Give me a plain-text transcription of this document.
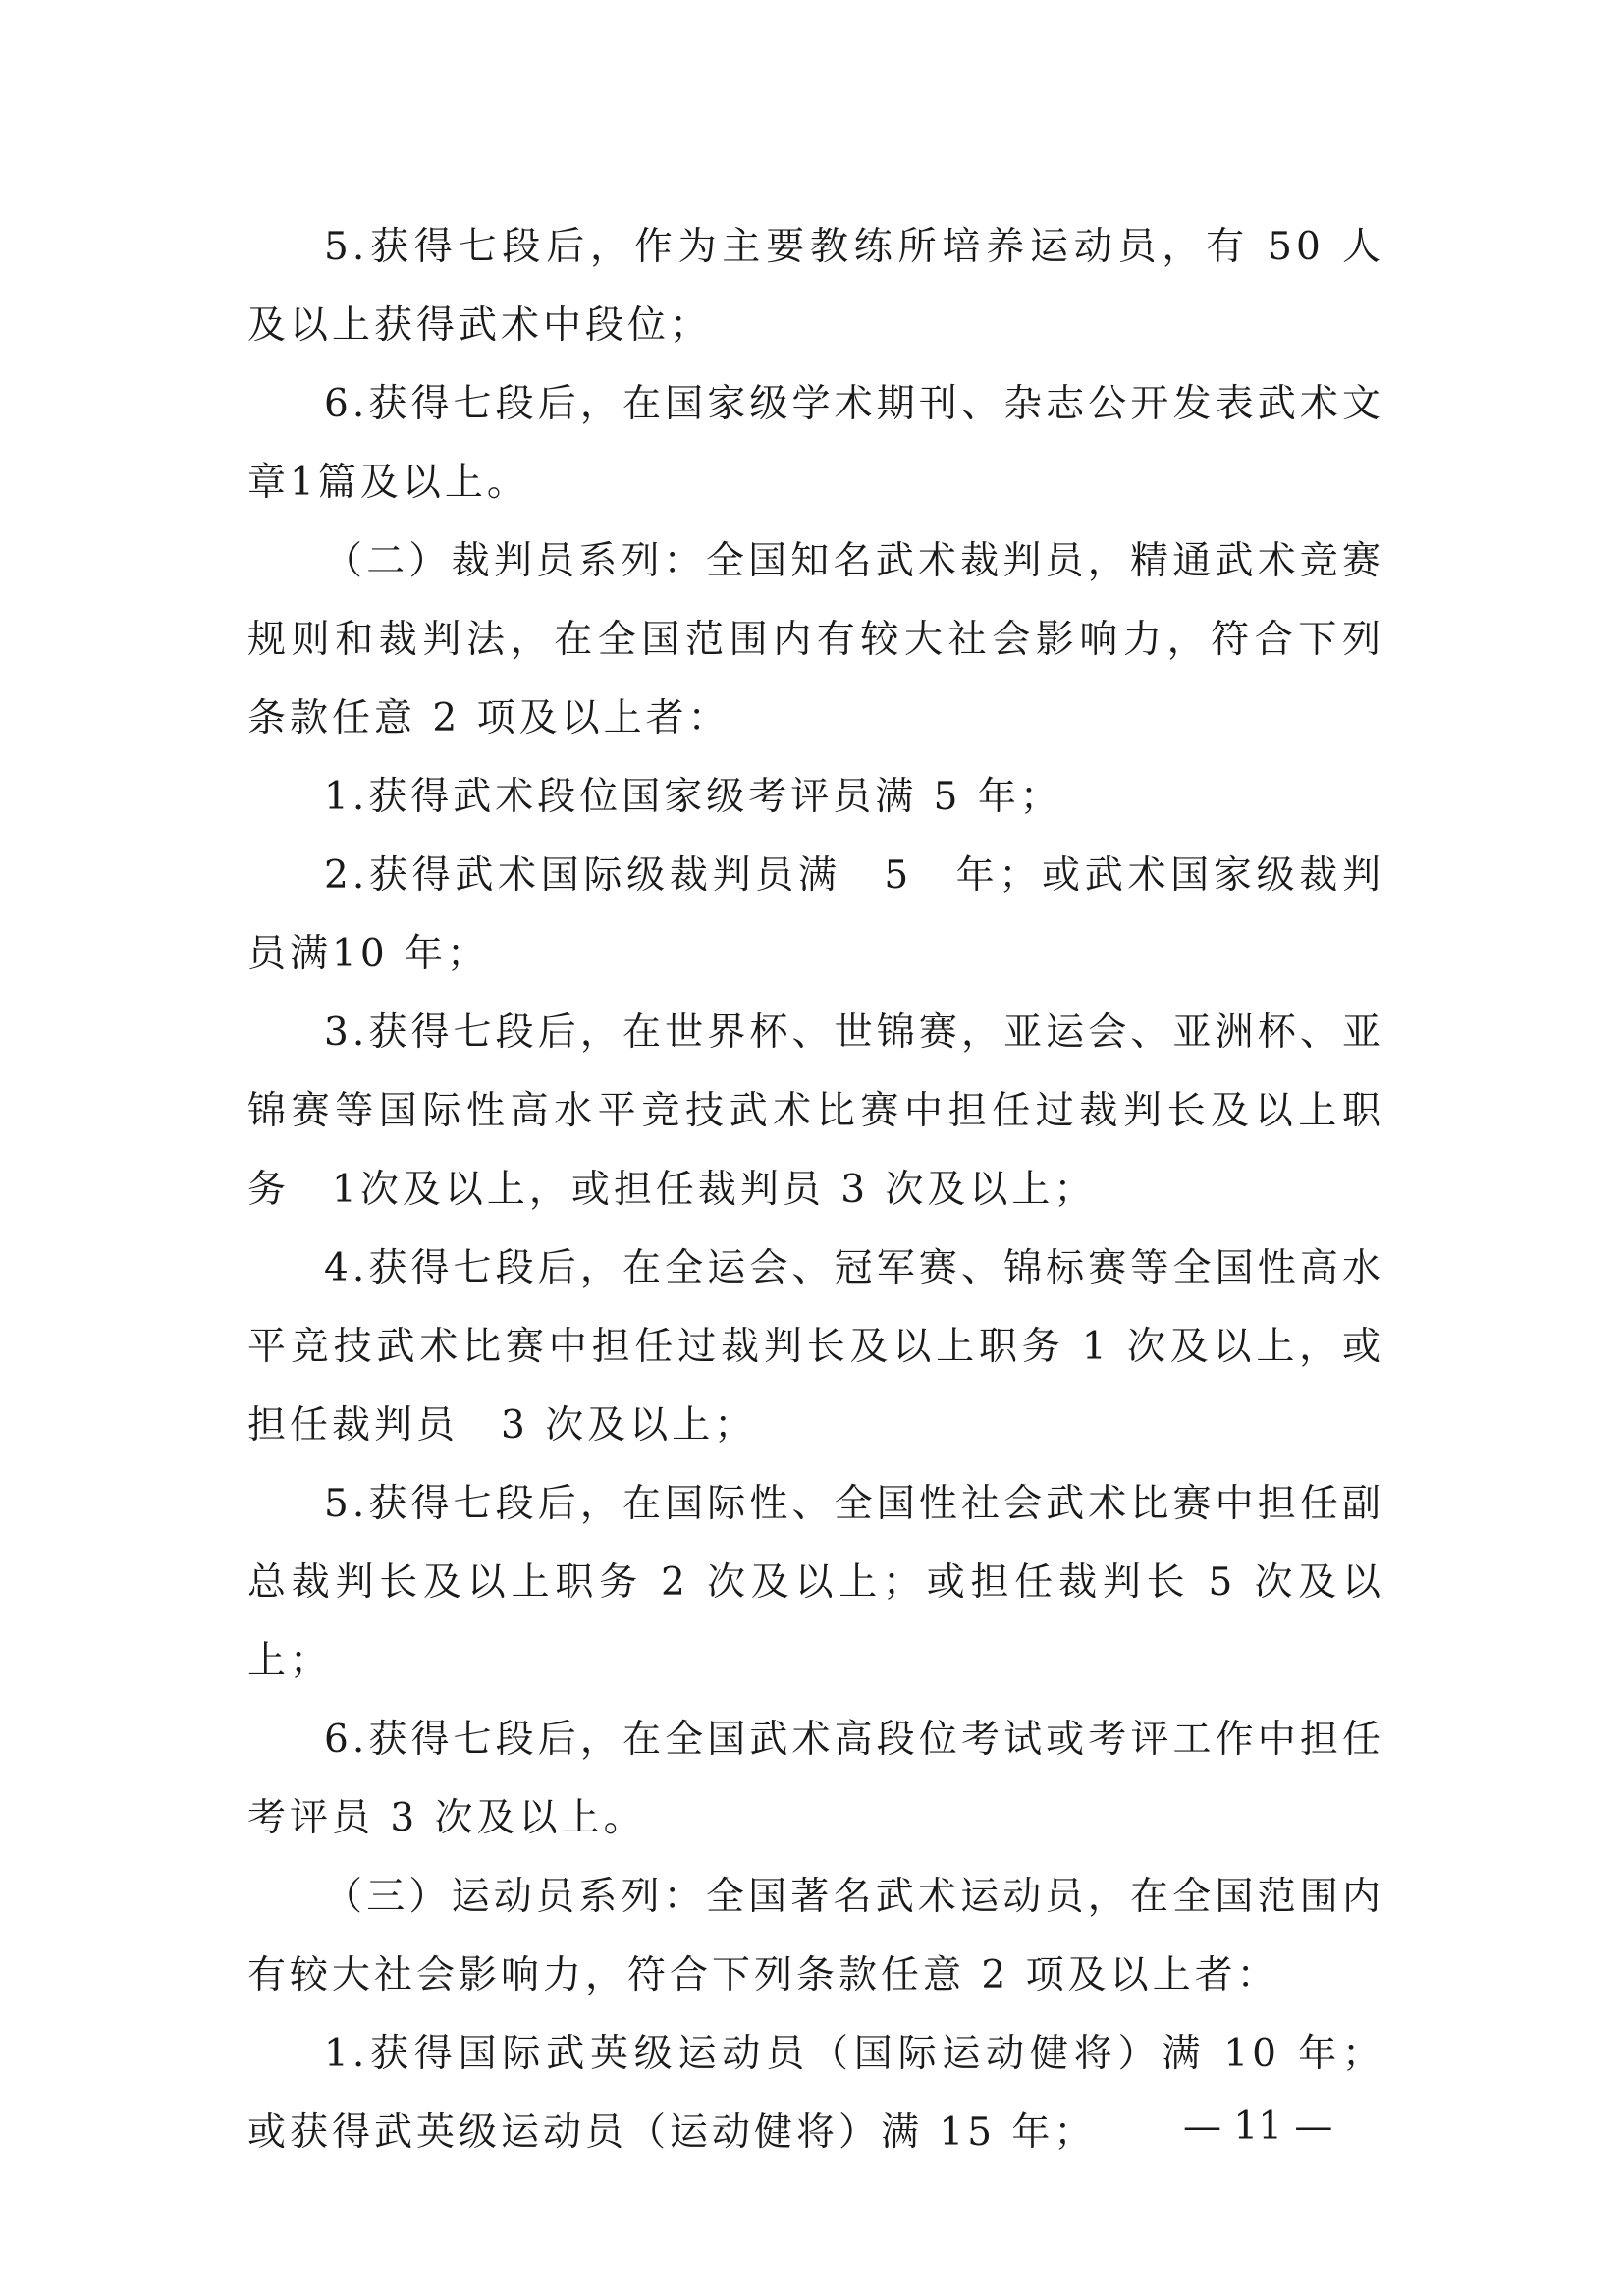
5.获得七段后，作为主要教练所培养运动员，有 50 人及以上获得武术中段位；

6.获得七段后，在国家级学术期刊、杂志公开发表武术文章1篇及以上。

（二）裁判员系列：全国知名武术裁判员，精通武术竞赛规则和裁判法，在全国范围内有较大社会影响力，符合下列条款任意 2 项及以上者：

1.获得武术段位国家级考评员满 5 年；

2.获得武术国际级裁判员满　5　年；或武术国家级裁判员满10 年；

3.获得七段后，在世界杯、世锦赛，亚运会、亚洲杯、亚锦赛等国际性高水平竞技武术比赛中担任过裁判长及以上职务　1次及以上，或担任裁判员 3 次及以上；

4.获得七段后，在全运会、冠军赛、锦标赛等全国性高水平竞技武术比赛中担任过裁判长及以上职务 1 次及以上，或担任裁判员　3 次及以上；

5.获得七段后，在国际性、全国性社会武术比赛中担任副总裁判长及以上职务 2 次及以上；或担任裁判长 5 次及以上；

6.获得七段后，在全国武术高段位考试或考评工作中担任考评员 3 次及以上。

（三）运动员系列：全国著名武术运动员，在全国范围内有较大社会影响力，符合下列条款任意 2 项及以上者：

1.获得国际武英级运动员（国际运动健将）满 10 年；或获得武英级运动员（运动健将）满 15 年；	— 11 —
